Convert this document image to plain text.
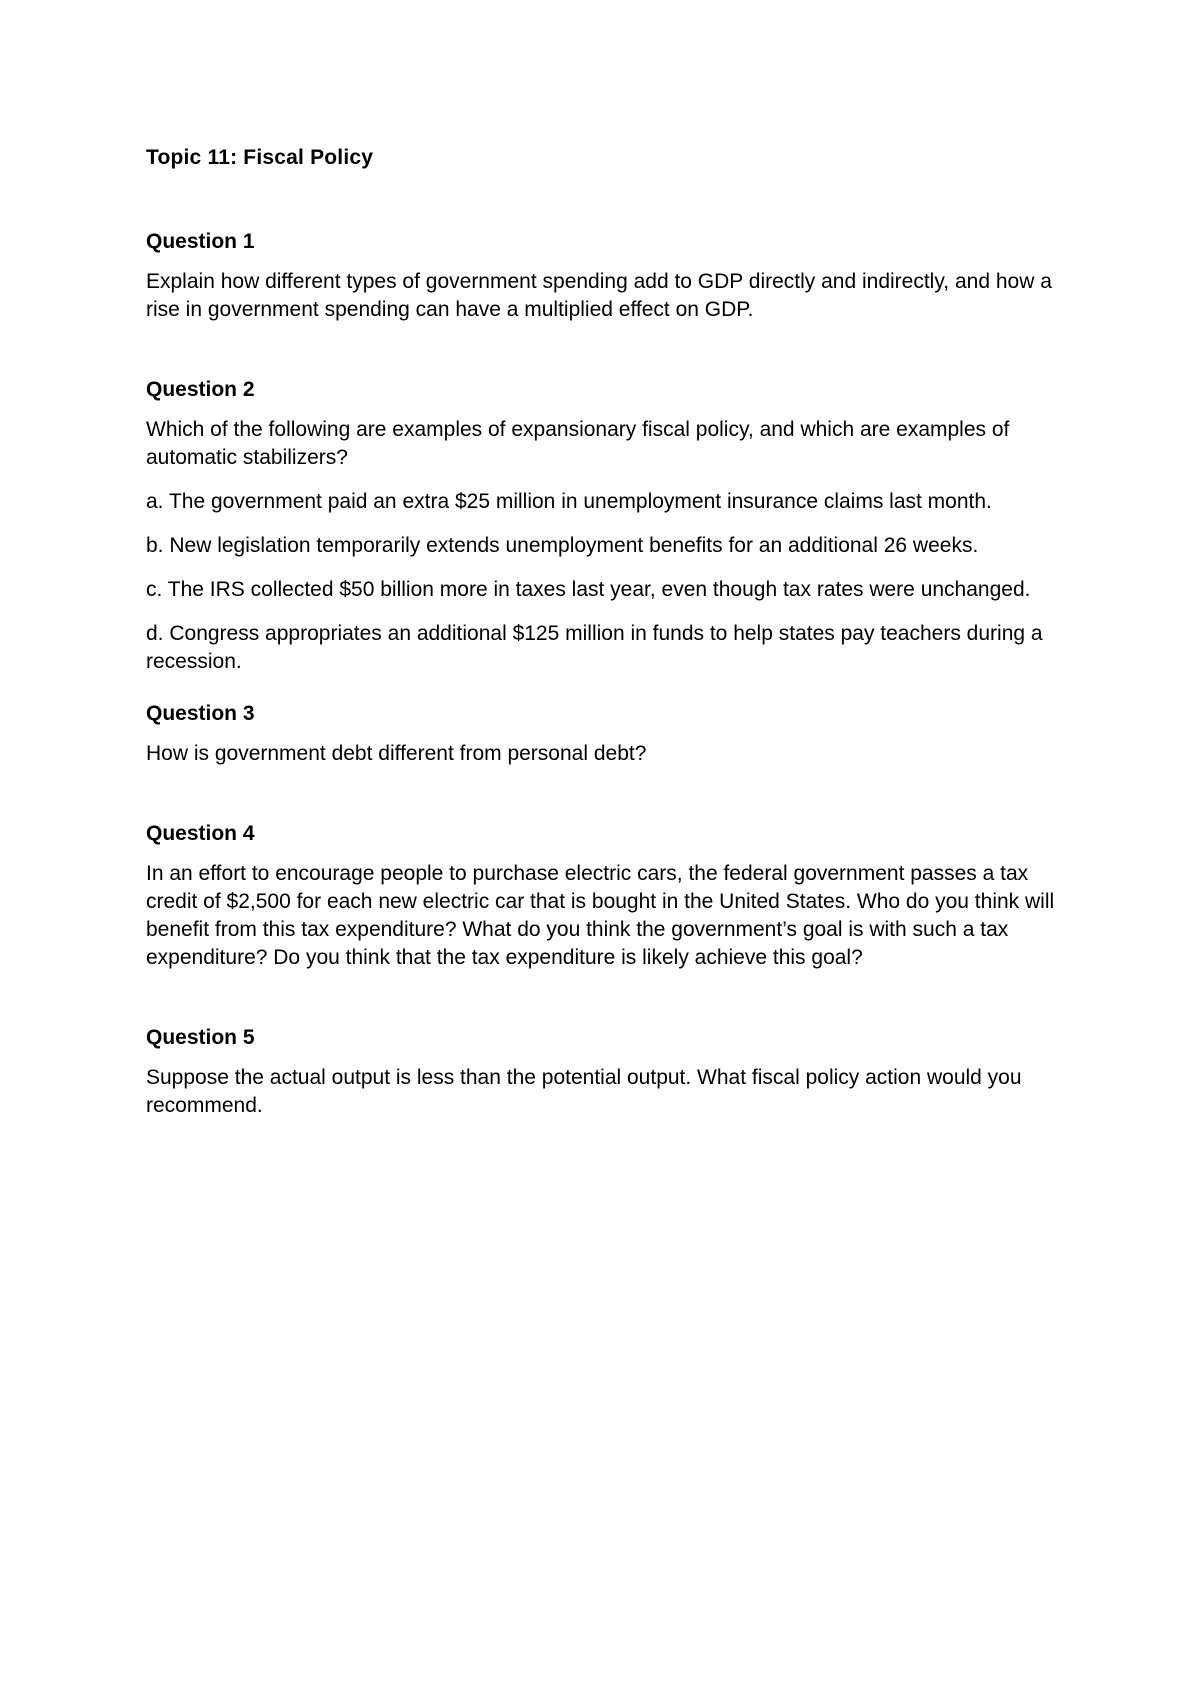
Topic 11: Fiscal Policy
Question 1

Explain how different types of government spending add to GDP directly and indirectly, and how a rise in government spending can have a multiplied effect on GDP.

Question 2

Which of the following are examples of expansionary fiscal policy, and which are examples of automatic stabilizers?

a. The government paid an extra $25 million in unemployment insurance claims last month.

b. New legislation temporarily extends unemployment benefits for an additional 26 weeks.

c. The IRS collected $50 billion more in taxes last year, even though tax rates were unchanged.

d. Congress appropriates an additional $125 million in funds to help states pay teachers during a recession.

Question 3

How is government debt different from personal debt?

Question 4

In an effort to encourage people to purchase electric cars, the federal government passes a tax credit of $2,500 for each new electric car that is bought in the United States. Who do you think will benefit from this tax expenditure? What do you think the government’s goal is with such a tax expenditure? Do you think that the tax expenditure is likely achieve this goal?

Question 5

Suppose the actual output is less than the potential output. What fiscal policy action would you recommend.
